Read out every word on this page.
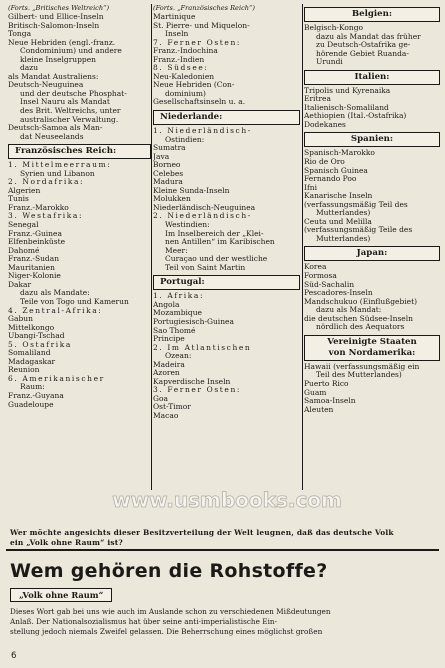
(Forts. „Britisches Weltreich“)
Gilbert- und Ellice-Inseln
Britisch-Salomon-Inseln
Tonga
Neue Hebriden (engl.-franz.
Condominium) und andere
kleine Inselgruppen
dazu
als Mandat Australiens:
Deutsch-Neuguinea
und der deutsche Phosphat-
Insel Nauru als Mandat
des Brit. Weltreichs, unter
australischer Verwaltung.
Deutsch-Samoa als Man-
dat Neuseelands
Französisches Reich:
1. Mittelmeerraum:
Syrien und Libanon
2. Nordafrika:
Algerien
Tunis
Franz.-Marokko
3. Westafrika:
Senegal
Franz.-Guinea
Elfenbeinküste
Dahomé
Franz.-Sudan
Mauritanien
Niger-Kolonie
Dakar
dazu als Mandate:
Teile von Togo und Kamerun
4. Zentral-Afrika:
Gabun
Mittelkongo
Ubangi-Tschad
5. Ostafrika
Somaliland
Madagaskar
Reunion
6. Amerikanischer
Raum:
Franz.-Guyana
Guadeloupe
(Forts. „Französisches Reich“)
Martinique
St. Pierre- und Miquelon-
Inseln
7. Ferner Osten:
Franz.-Indochina
Franz.-Indien
8. Südsee:
Neu-Kaledonien
Neue Hebriden (Con-
dominium)
Gesellschaftsinseln u. a.
Niederlande:
1. Niederländisch-
Ostindien:
Sumatra
Java
Borneo
Celebes
Madura
Kleine Sunda-Inseln
Molukken
Niederländisch-Neuguinea
2. Niederländisch-
Westindien:
Im Inselbereich der „Klei-
nen Antillen“ im Karibischen
Meer:
Curaçao und der westliche
Teil von Saint Martin
Portugal:
1. Afrika:
Angola
Mozambique
Portugiesisch-Guinea
Sao Thomé
Principe
2. Im Atlantischen
Ozean:
Madeira
Azoren
Kapverdische Inseln
3. Ferner Osten:
Goa
Ost-Timor
Macao
Belgien:
Belgisch-Kongo
dazu als Mandat das früher
zu Deutsch-Ostafrika ge-
hörende Gebiet Ruanda-
Urundi
Italien:
Tripolis und Kyrenaika
Eritrea
Italienisch-Somaliland
Aethiopien (Ital.-Ostafrika)
Dodekanes
Spanien:
Spanisch-Marokko
Rio de Oro
Spanisch Guinea
Fernando Poo
Ifni
Kanarische Inseln
(verfassungsmäßig Teil des
Mutterlandes)
Ceuta und Melilla
(verfassungsmäßig Teile des
Mutterlandes)
Japan:
Korea
Formosa
Süd-Sachalin
Pescadores-Inseln
Mandschukuo (Einflußgebiet)
dazu als Mandat:
die deutschen Südsee-Inseln
nördlich des Aequators
Vereinigte Staaten
von Nordamerika:
Hawaii (verfassungsmäßig ein
Teil des Mutterlandes)
Puerto Rico
Guam
Samoa-Inseln
Aleuten
www.usmbooks.com
Wer möchte angesichts dieser Besitzverteilung der Welt leugnen, daß das deutsche Volk
ein „Volk ohne Raum“ ist?
Wem gehören die Rohstoffe?
„Volk ohne Raum“
Dieses Wort gab bei uns wie auch im Auslande schon zu verschiedenen Mißdeutungen
Anlaß. Der Nationalsozialismus hat über seine anti-imperialistische Ein-
stellung jedoch niemals Zweifel gelassen. Die Beherrschung eines möglichst großen
6
